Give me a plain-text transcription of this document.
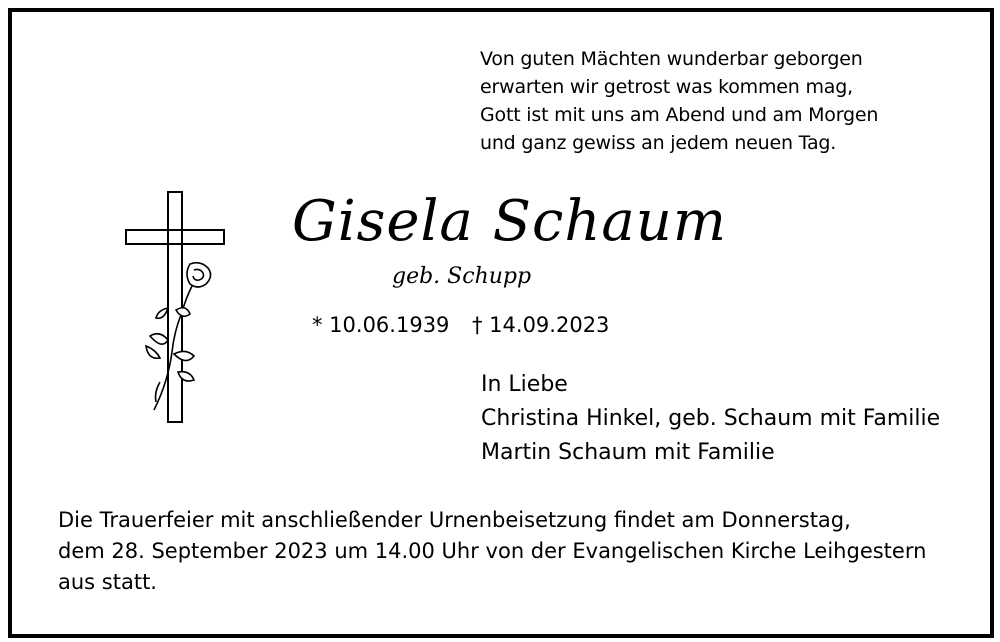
Von guten Mächten wunderbar geborgen
erwarten wir getrost was kommen mag,
Gott ist mit uns am Abend und am Morgen
und ganz gewiss an jedem neuen Tag.
Gisela Schaum
geb. Schupp
* 10.06.1939 † 14.09.2023
In Liebe
Christina Hinkel, geb. Schaum mit Familie
Martin Schaum mit Familie
Die Trauerfeier mit anschließender Urnenbeisetzung findet am Donnerstag,
dem 28. September 2023 um 14.00 Uhr von der Evangelischen Kirche Leihgestern
aus statt.
